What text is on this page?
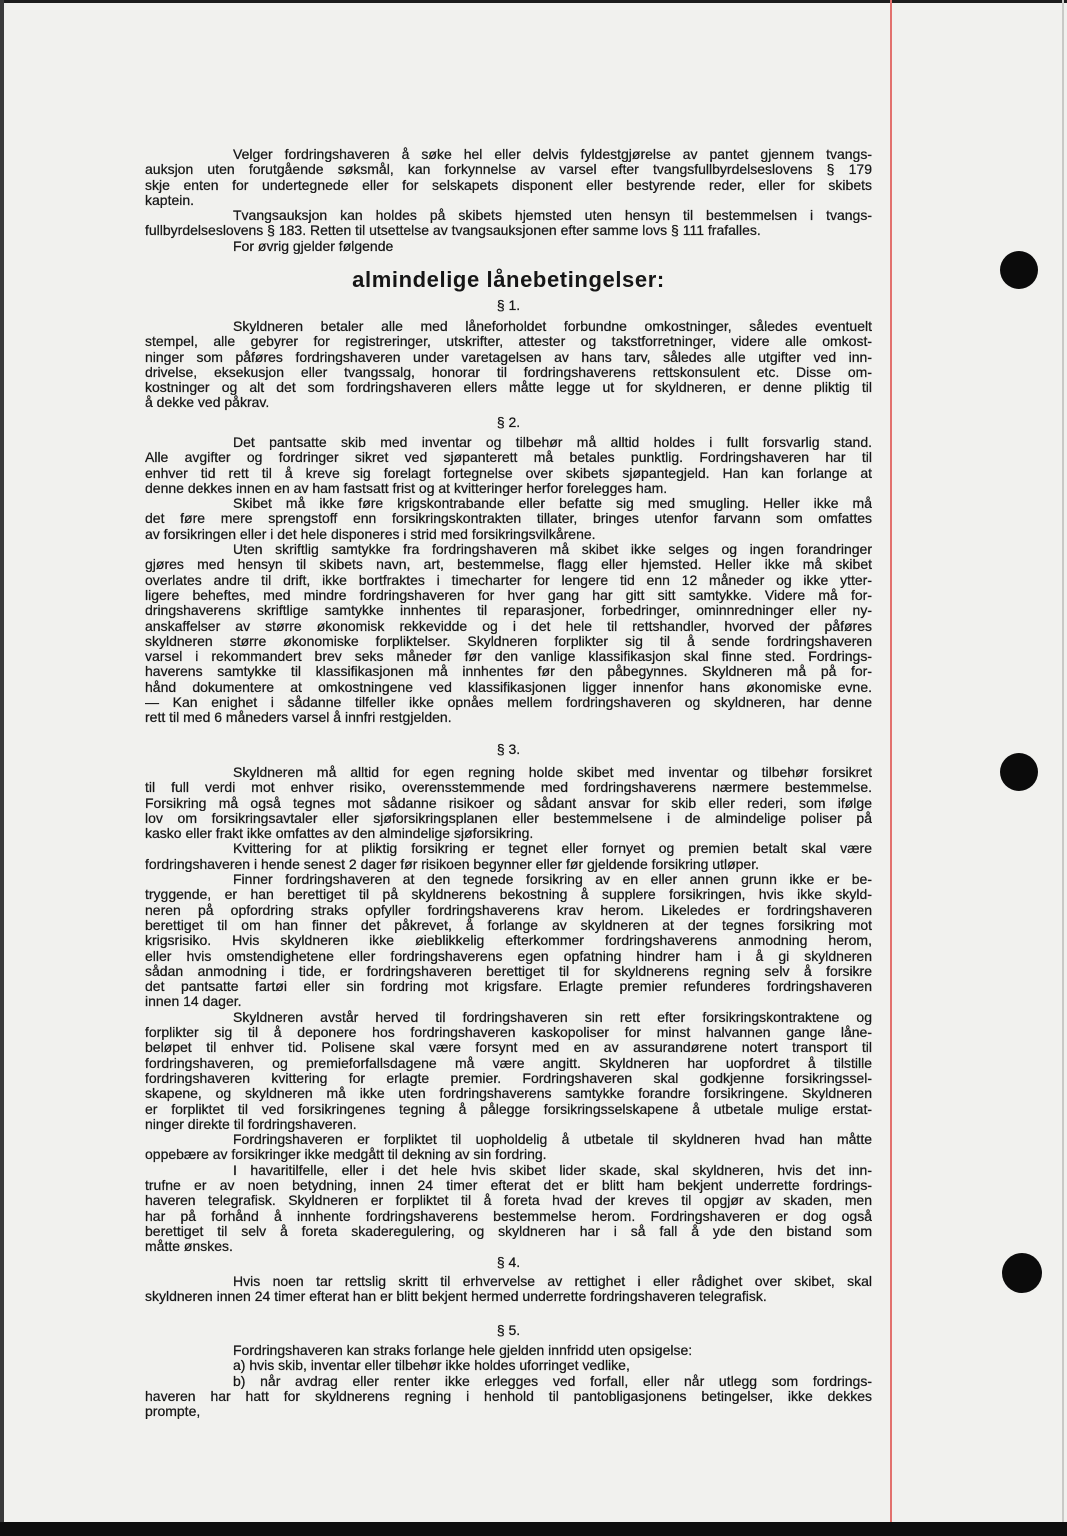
Velger fordringshaveren å søke hel eller delvis fyldestgjørelse av pantet gjennem tvangs-
auksjon uten forutgående søksmål, kan forkynnelse av varsel efter tvangsfullbyrdelseslovens § 179
skje enten for undertegnede eller for selskapets disponent eller bestyrende reder, eller for skibets
kaptein.
Tvangsauksjon kan holdes på skibets hjemsted uten hensyn til bestemmelsen i tvangs-
fullbyrdelseslovens § 183. Retten til utsettelse av tvangsauksjonen efter samme lovs § 111 frafalles.
For øvrig gjelder følgende
almindelige lånebetingelser:
§ 1.
Skyldneren betaler alle med låneforholdet forbundne omkostninger, således eventuelt
stempel, alle gebyrer for registreringer, utskrifter, attester og takstforretninger, videre alle omkost-
ninger som påføres fordringshaveren under varetagelsen av hans tarv, således alle utgifter ved inn-
drivelse, eksekusjon eller tvangssalg, honorar til fordringshaverens rettskonsulent etc. Disse om-
kostninger og alt det som fordringshaveren ellers måtte legge ut for skyldneren, er denne pliktig til
å dekke ved påkrav.
§ 2.
Det pantsatte skib med inventar og tilbehør må alltid holdes i fullt forsvarlig stand.
Alle avgifter og fordringer sikret ved sjøpanterett må betales punktlig. Fordringshaveren har til
enhver tid rett til å kreve sig forelagt fortegnelse over skibets sjøpantegjeld. Han kan forlange at
denne dekkes innen en av ham fastsatt frist og at kvitteringer herfor forelegges ham.
Skibet må ikke føre krigskontrabande eller befatte sig med smugling. Heller ikke må
det føre mere sprengstoff enn forsikringskontrakten tillater, bringes utenfor farvann som omfattes
av forsikringen eller i det hele disponeres i strid med forsikringsvilkårene.
Uten skriftlig samtykke fra fordringshaveren må skibet ikke selges og ingen forandringer
gjøres med hensyn til skibets navn, art, bestemmelse, flagg eller hjemsted. Heller ikke må skibet
overlates andre til drift, ikke bortfraktes i timecharter for lengere tid enn 12 måneder og ikke ytter-
ligere beheftes, med mindre fordringshaveren for hver gang har gitt sitt samtykke. Videre må for-
dringshaverens skriftlige samtykke innhentes til reparasjoner, forbedringer, ominnredninger eller ny-
anskaffelser av større økonomisk rekkevidde og i det hele til rettshandler, hvorved der påføres
skyldneren større økonomiske forpliktelser. Skyldneren forplikter sig til å sende fordringshaveren
varsel i rekommandert brev seks måneder før den vanlige klassifikasjon skal finne sted. Fordrings-
haverens samtykke til klassifikasjonen må innhentes før den påbegynnes. Skyldneren må på for-
hånd dokumentere at omkostningene ved klassifikasjonen ligger innenfor hans økonomiske evne.
— Kan enighet i sådanne tilfeller ikke opnåes mellem fordringshaveren og skyldneren, har denne
rett til med 6 måneders varsel å innfri restgjelden.
§ 3.
Skyldneren må alltid for egen regning holde skibet med inventar og tilbehør forsikret
til full verdi mot enhver risiko, overensstemmende med fordringshaverens nærmere bestemmelse.
Forsikring må også tegnes mot sådanne risikoer og sådant ansvar for skib eller rederi, som ifølge
lov om forsikringsavtaler eller sjøforsikringsplanen eller bestemmelsene i de almindelige poliser på
kasko eller frakt ikke omfattes av den almindelige sjøforsikring.
Kvittering for at pliktig forsikring er tegnet eller fornyet og premien betalt skal være
fordringshaveren i hende senest 2 dager før risikoen begynner eller før gjeldende forsikring utløper.
Finner fordringshaveren at den tegnede forsikring av en eller annen grunn ikke er be-
tryggende, er han berettiget til på skyldnerens bekostning å supplere forsikringen, hvis ikke skyld-
neren på opfordring straks opfyller fordringshaverens krav herom. Likeledes er fordringshaveren
berettiget til om han finner det påkrevet, å forlange av skyldneren at der tegnes forsikring mot
krigsrisiko. Hvis skyldneren ikke øieblikkelig efterkommer fordringshaverens anmodning herom,
eller hvis omstendighetene eller fordringshaverens egen opfatning hindrer ham i å gi skyldneren
sådan anmodning i tide, er fordringshaveren berettiget til for skyldnerens regning selv å forsikre
det pantsatte fartøi eller sin fordring mot krigsfare. Erlagte premier refunderes fordringshaveren
innen 14 dager.
Skyldneren avstår herved til fordringshaveren sin rett efter forsikringskontraktene og
forplikter sig til å deponere hos fordringshaveren kaskopoliser for minst halvannen gange låne-
beløpet til enhver tid. Polisene skal være forsynt med en av assurandørene notert transport til
fordringshaveren, og premieforfallsdagene må være angitt. Skyldneren har uopfordret å tilstille
fordringshaveren kvittering for erlagte premier. Fordringshaveren skal godkjenne forsikringssel-
skapene, og skyldneren må ikke uten fordringshaverens samtykke forandre forsikringene. Skyldneren
er forpliktet til ved forsikringenes tegning å pålegge forsikringsselskapene å utbetale mulige erstat-
ninger direkte til fordringshaveren.
Fordringshaveren er forpliktet til uopholdelig å utbetale til skyldneren hvad han måtte
oppebære av forsikringer ikke medgått til dekning av sin fordring.
I havaritilfelle, eller i det hele hvis skibet lider skade, skal skyldneren, hvis det inn-
trufne er av noen betydning, innen 24 timer efterat det er blitt ham bekjent underrette fordrings-
haveren telegrafisk. Skyldneren er forpliktet til å foreta hvad der kreves til opgjør av skaden, men
har på forhånd å innhente fordringshaverens bestemmelse herom. Fordringshaveren er dog også
berettiget til selv å foreta skaderegulering, og skyldneren har i så fall å yde den bistand som
måtte ønskes.
§ 4.
Hvis noen tar rettslig skritt til erhvervelse av rettighet i eller rådighet over skibet, skal
skyldneren innen 24 timer efterat han er blitt bekjent hermed underrette fordringshaveren telegrafisk.
§ 5.
Fordringshaveren kan straks forlange hele gjelden innfridd uten opsigelse:
a) hvis skib, inventar eller tilbehør ikke holdes uforringet vedlike,
b) når avdrag eller renter ikke erlegges ved forfall, eller når utlegg som fordrings-
haveren har hatt for skyldnerens regning i henhold til pantobligasjonens betingelser, ikke dekkes
prompte,
